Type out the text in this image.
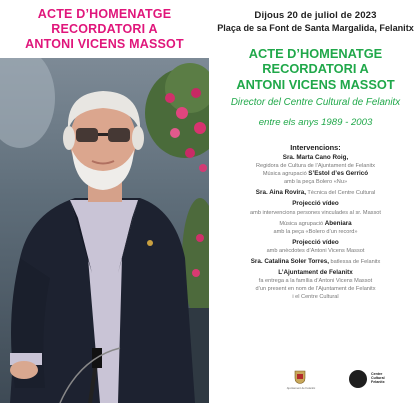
ACTE D’HOMENATGE
RECORDATORI A
ANTONI VICENS MASSOT
Dijous 20 de juliol de 2023
Plaça de sa Font de Santa Margalida, Felanitx
ACTE D’HOMENATGE
RECORDATORI A
ANTONI VICENS MASSOT
Director del Centre Cultural de Felanitx
entre els anys 1989 - 2003
Intervencions:
Sra. Marta Cano Roig,
Regidora de Cultura de l’Ajuntament de Felanitx
Música agrupació S’Estol d’es Gerricó
amb la peça Bolero «Nu»
Sra. Aina Rovira, Tècnica del Centre Cultural
Projecció vídeo
amb intervencions persones vinculades al sr. Massot
Música agrupació Abeniara
amb la peça «Bolero d’un record»
Projecció vídeo
amb anècdotes d’Antoni Vicens Massot
Sra. Catalina Soler Torres, batlessa de Felanitx
L’Ajuntament de Felanitx
fa entrega a la família d’Antoni Vicens Massot
d’un present en nom de l’Ajuntament de Felanitx
i el Centre Cultural
Ajuntament de Felanitx
Centre
Cultural
Felanitx
